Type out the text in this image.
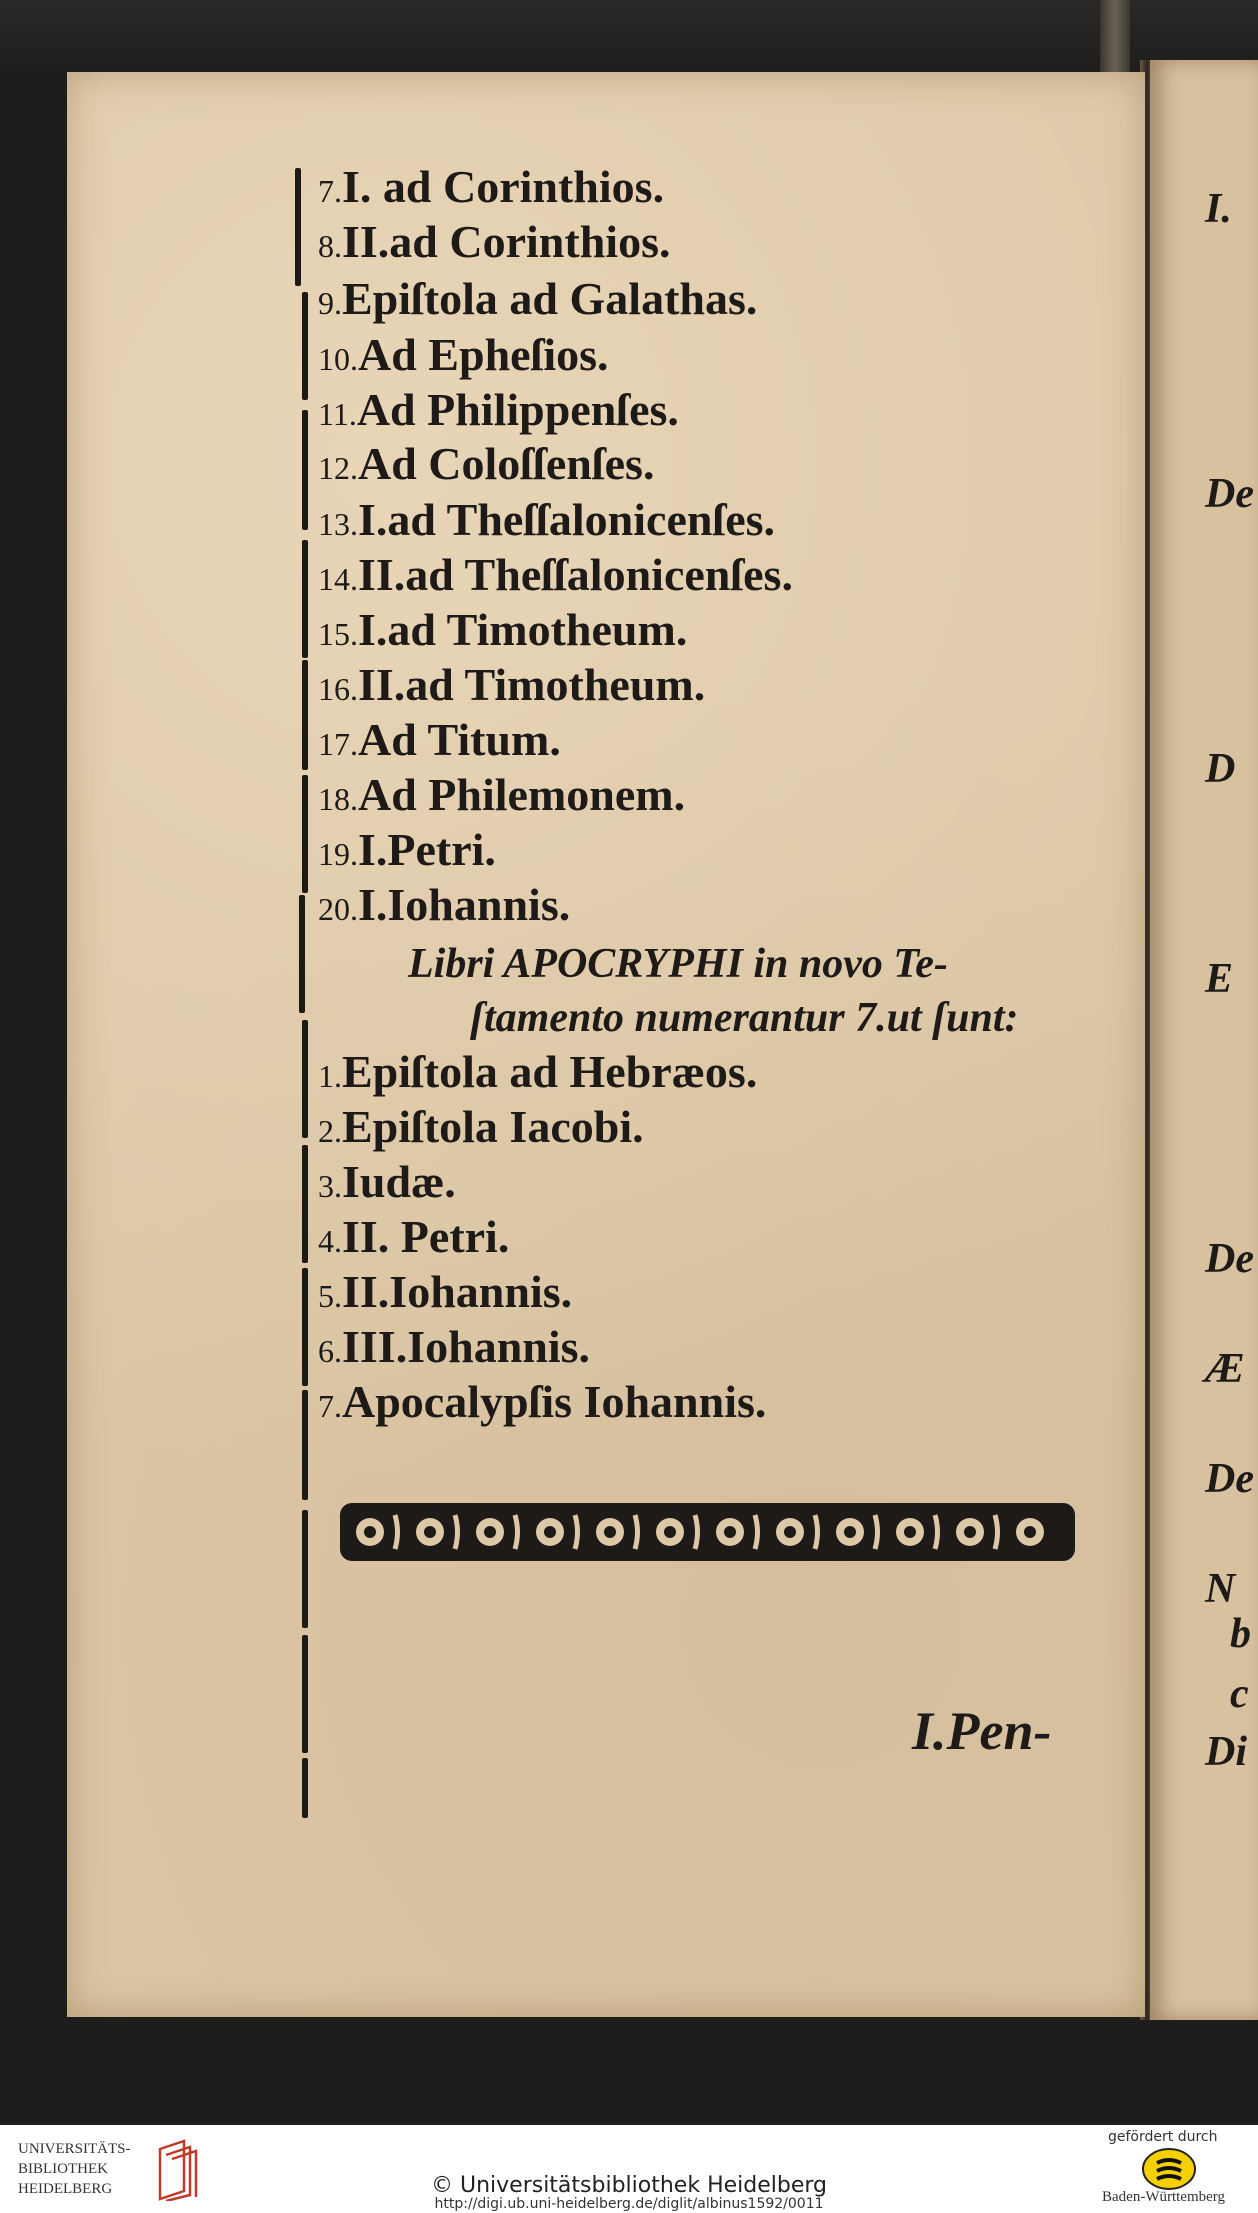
7.I. ad Corinthios.
8.II.ad Corinthios.
9.Epiſtola ad Galathas.
10.Ad Epheſios.
11.Ad Philippenſes.
12.Ad Coloſſenſes.
13.I.ad Theſſalonicenſes.
14.II.ad Theſſalonicenſes.
15.I.ad Timotheum.
16.II.ad Timotheum.
17.Ad Titum.
18.Ad Philemonem.
19.I.Petri.
20.I.Iohannis.
Libri APOCRYPHI in novo Te-
ſtamento numerantur 7.ut ſunt:
1.Epiſtola ad Hebræos.
2.Epiſtola Iacobi.
3.Iudæ.
4.II. Petri.
5.II.Iohannis.
6.III.Iohannis.
7.Apocalypſis Iohannis.
I.Pen-
I.
De
D
E
De
Æ
De
N
b
c
Di
UNIVERSITÄTS-
BIBLIOTHEK
HEIDELBERG	© Universitätsbibliothek Heidelberg
http://digi.ub.uni-heidelberg.de/diglit/albinus1592/0011
gefördert durch
Baden-Württemberg
